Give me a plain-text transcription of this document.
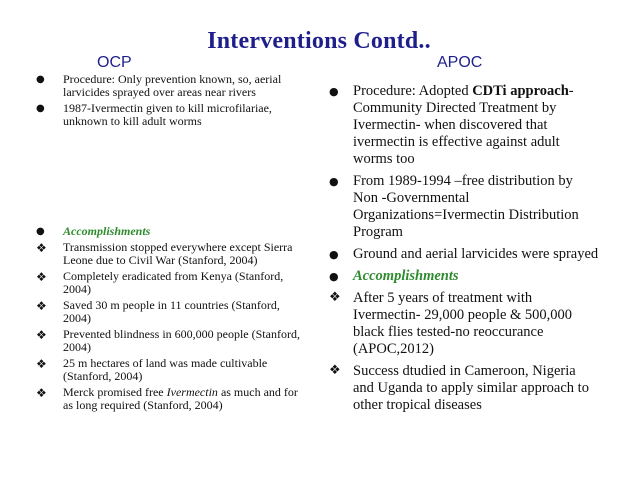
Interventions Contd..
OCP	APOC
● Procedure: Only prevention known, so, aerial larvicides sprayed over areas near rivers
● 1987-Ivermectin given to kill microfilariae, unknown to kill adult worms
● Accomplishments
❖ Transmission stopped everywhere except Sierra Leone due to Civil War (Stanford, 2004)
❖ Completely eradicated from Kenya (Stanford, 2004)
❖ Saved 30 m people in 11 countries (Stanford, 2004)
❖ Prevented blindness in 600,000 people (Stanford, 2004)
❖ 25 m hectares of land was made cultivable (Stanford, 2004)
❖ Merck promised free Ivermectin as much and for as long required (Stanford, 2004)
● Procedure: Adopted CDTi approach-Community Directed Treatment by Ivermectin- when discovered that ivermectin is effective against adult worms too
● From 1989-1994 –free distribution by Non -Governmental Organizations=Ivermectin Distribution Program
● Ground and aerial larvicides were sprayed
● Accomplishments
❖ After 5 years of treatment with Ivermectin- 29,000 people & 500,000 black flies tested-no reoccurance (APOC,2012)
❖ Success dtudied in Cameroon, Nigeria and Uganda to apply similar approach to other tropical diseases
